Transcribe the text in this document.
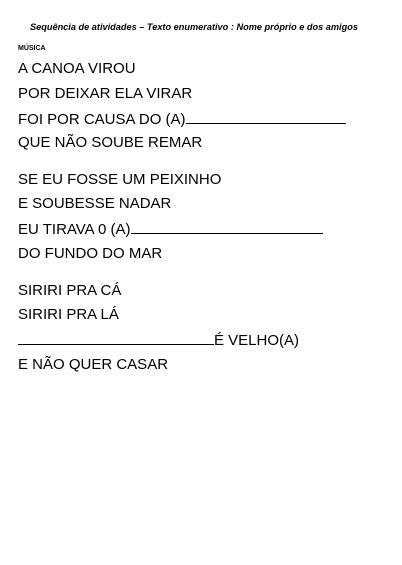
Sequência de atividades – Texto enumerativo : Nome próprio e dos amigos
MÚSICA
A CANOA VIROU
POR DEIXAR ELA VIRAR
FOI POR CAUSA DO (A)
QUE NÃO SOUBE REMAR
SE EU FOSSE UM PEIXINHO
E SOUBESSE NADAR
EU TIRAVA 0 (A)
DO FUNDO DO MAR
SIRIRI PRA CÁ
SIRIRI PRA LÁ
É VELHO(A)
E NÃO QUER CASAR
